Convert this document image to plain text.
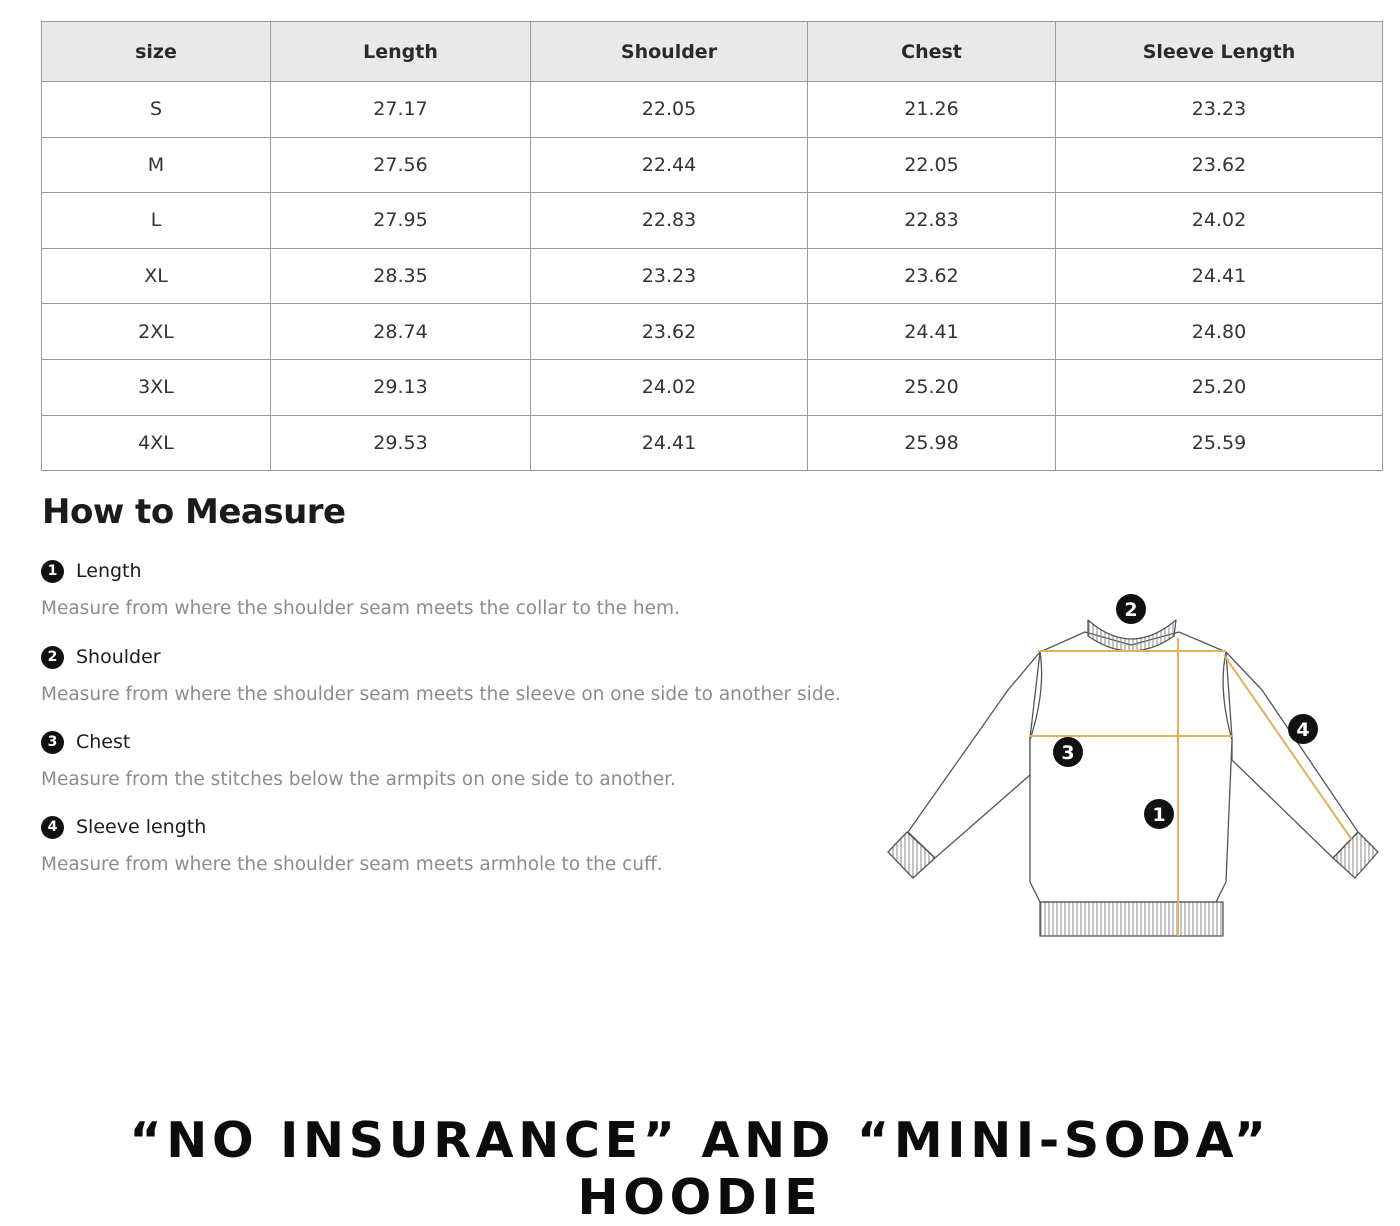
size	Length	Shoulder	Chest	Sleeve Length
S	27.17	22.05	21.26	23.23
M	27.56	22.44	22.05	23.62
L	27.95	22.83	22.83	24.02
XL	28.35	23.23	23.62	24.41
2XL	28.74	23.62	24.41	24.80
3XL	29.13	24.02	25.20	25.20
4XL	29.53	24.41	25.98	25.59
How to Measure
1 Length
Measure from where the shoulder seam meets the collar to the hem.
2 Shoulder
Measure from where the shoulder seam meets the sleeve on one side to another side.
3 Chest
Measure from the stitches below the armpits on one side to another.
4 Sleeve length
Measure from where the shoulder seam meets armhole to the cuff.
2
3
1
4
“NO INSURANCE” AND “MINI-SODA” HOODIE
